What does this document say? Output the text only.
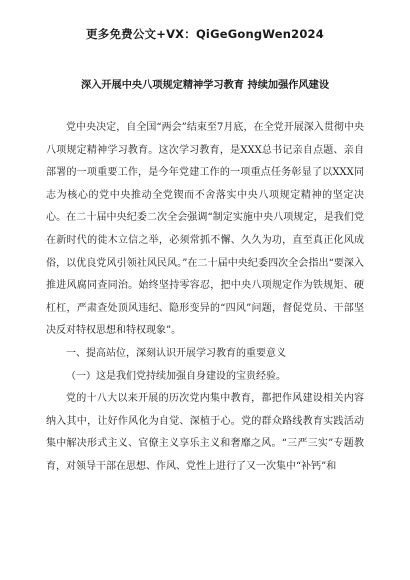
更多免费公文+VX：QiGeGongWen2024
深入开展中央八项规定精神学习教育 持续加强作风建设

党中央决定，自全国“两会”结束至7月底，在全党开展深入贯彻中央八项规定精神学习教育。这次学习教育，是XXX总书记亲自点题、亲自部署的一项重要工作，是今年党建工作的一项重点任务彰显了以XXX同志为核心的党中央推动全党锲而不舍落实中央八项规定精神的坚定决心。在二十届中央纪委二次全会强调“制定实施中央八项规定，是我们党在新时代的徙木立信之举，必须常抓不懈、久久为功，直至真正化风成俗，以优良党风引领社风民风。”在二十届中央纪委四次全会指出“要深入推进风腐同查同治。始终坚持零容忍，把中央八项规定作为铁规矩、硬杠杠，严肃查处顶风违纪、隐形变异的“四风”问题，督促党员、干部坚决反对特权思想和特权现象”。

一、提高站位，深刻认识开展学习教育的重要意义

（一）这是我们党持续加强自身建设的宝贵经验。

党的十八大以来开展的历次党内集中教育，都把作风建设相关内容纳入其中，让好作风化为自觉、深植于心。党的群众路线教育实践活动集中解决形式主义、官僚主义享乐主义和奢靡之风。“三严三实”专题教育，对领导干部在思想、作风、党性上进行了又一次集中“补钙”和
